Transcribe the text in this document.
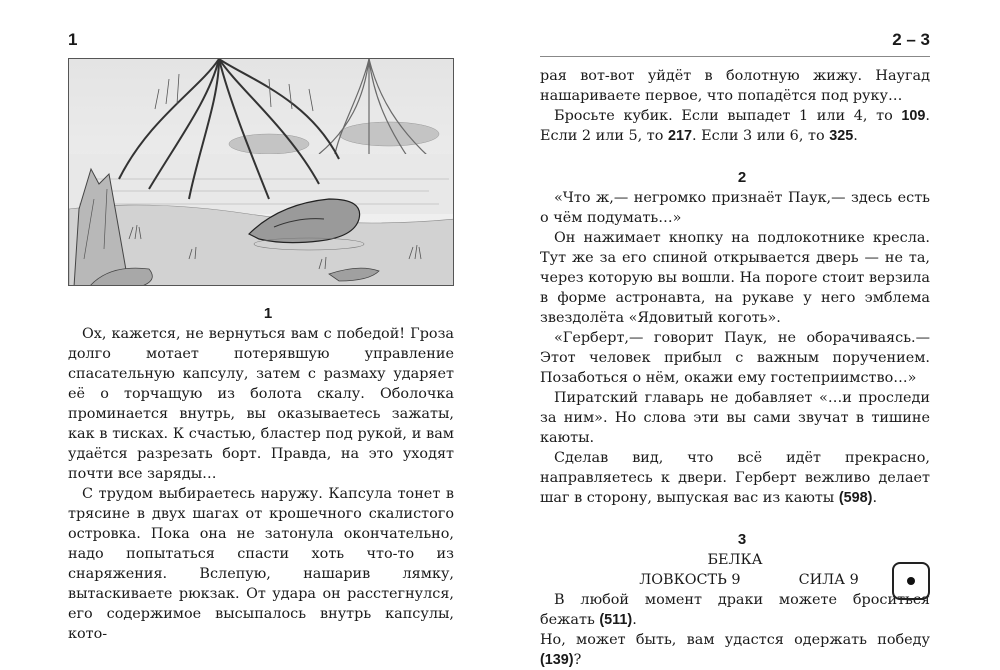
1	2 – 3

1

Ох, кажется, не вернуться вам с победой! Гроза долго мотает потерявшую управление спасательную капсулу, затем с размаху ударяет её о торчащую из болота скалу. Оболочка проминается внутрь, вы оказываетесь зажаты, как в тисках. К счастью, бластер под рукой, и вам удаётся разрезать борт. Правда, на это уходят почти все заряды…

С трудом выбираетесь наружу. Капсула тонет в трясине в двух шагах от крошечного скалистого островка. Пока она не затонула окончательно, надо попытаться спасти хоть что-то из снаряжения. Вслепую, нашарив лямку, вытаскиваете рюкзак. От удара он расстегнулся, его содержимое высыпалось внутрь капсулы, кото-

рая вот-вот уйдёт в болотную жижу. Наугад нашариваете первое, что попадётся под руку…

Бросьте кубик. Если выпадет 1 или 4, то 109. Если 2 или 5, то 217. Если 3 или 6, то 325.

2

«Что ж,— негромко признаёт Паук,— здесь есть о чём подумать…»

Он нажимает кнопку на подлокотнике кресла. Тут же за его спиной открывается дверь — не та, через которую вы вошли. На пороге стоит верзила в форме астронавта, на рукаве у него эмблема звездолёта «Ядовитый коготь».

«Герберт,— говорит Паук, не оборачиваясь.— Этот человек прибыл с важным поручением. Позаботься о нём, окажи ему гостеприимство…»

Пиратский главарь не добавляет «…и проследи за ним». Но слова эти вы сами звучат в тишине каюты.

Сделав вид, что всё идёт прекрасно, направляетесь к двери. Герберт вежливо делает шаг в сторону, выпуская вас из каюты (598).

3

БЕЛКА

ЛОВКОСТЬ 9	СИЛА 9

В любой момент драки можете броситься бежать (511).

Но, может быть, вам удастся одержать победу (139)?
